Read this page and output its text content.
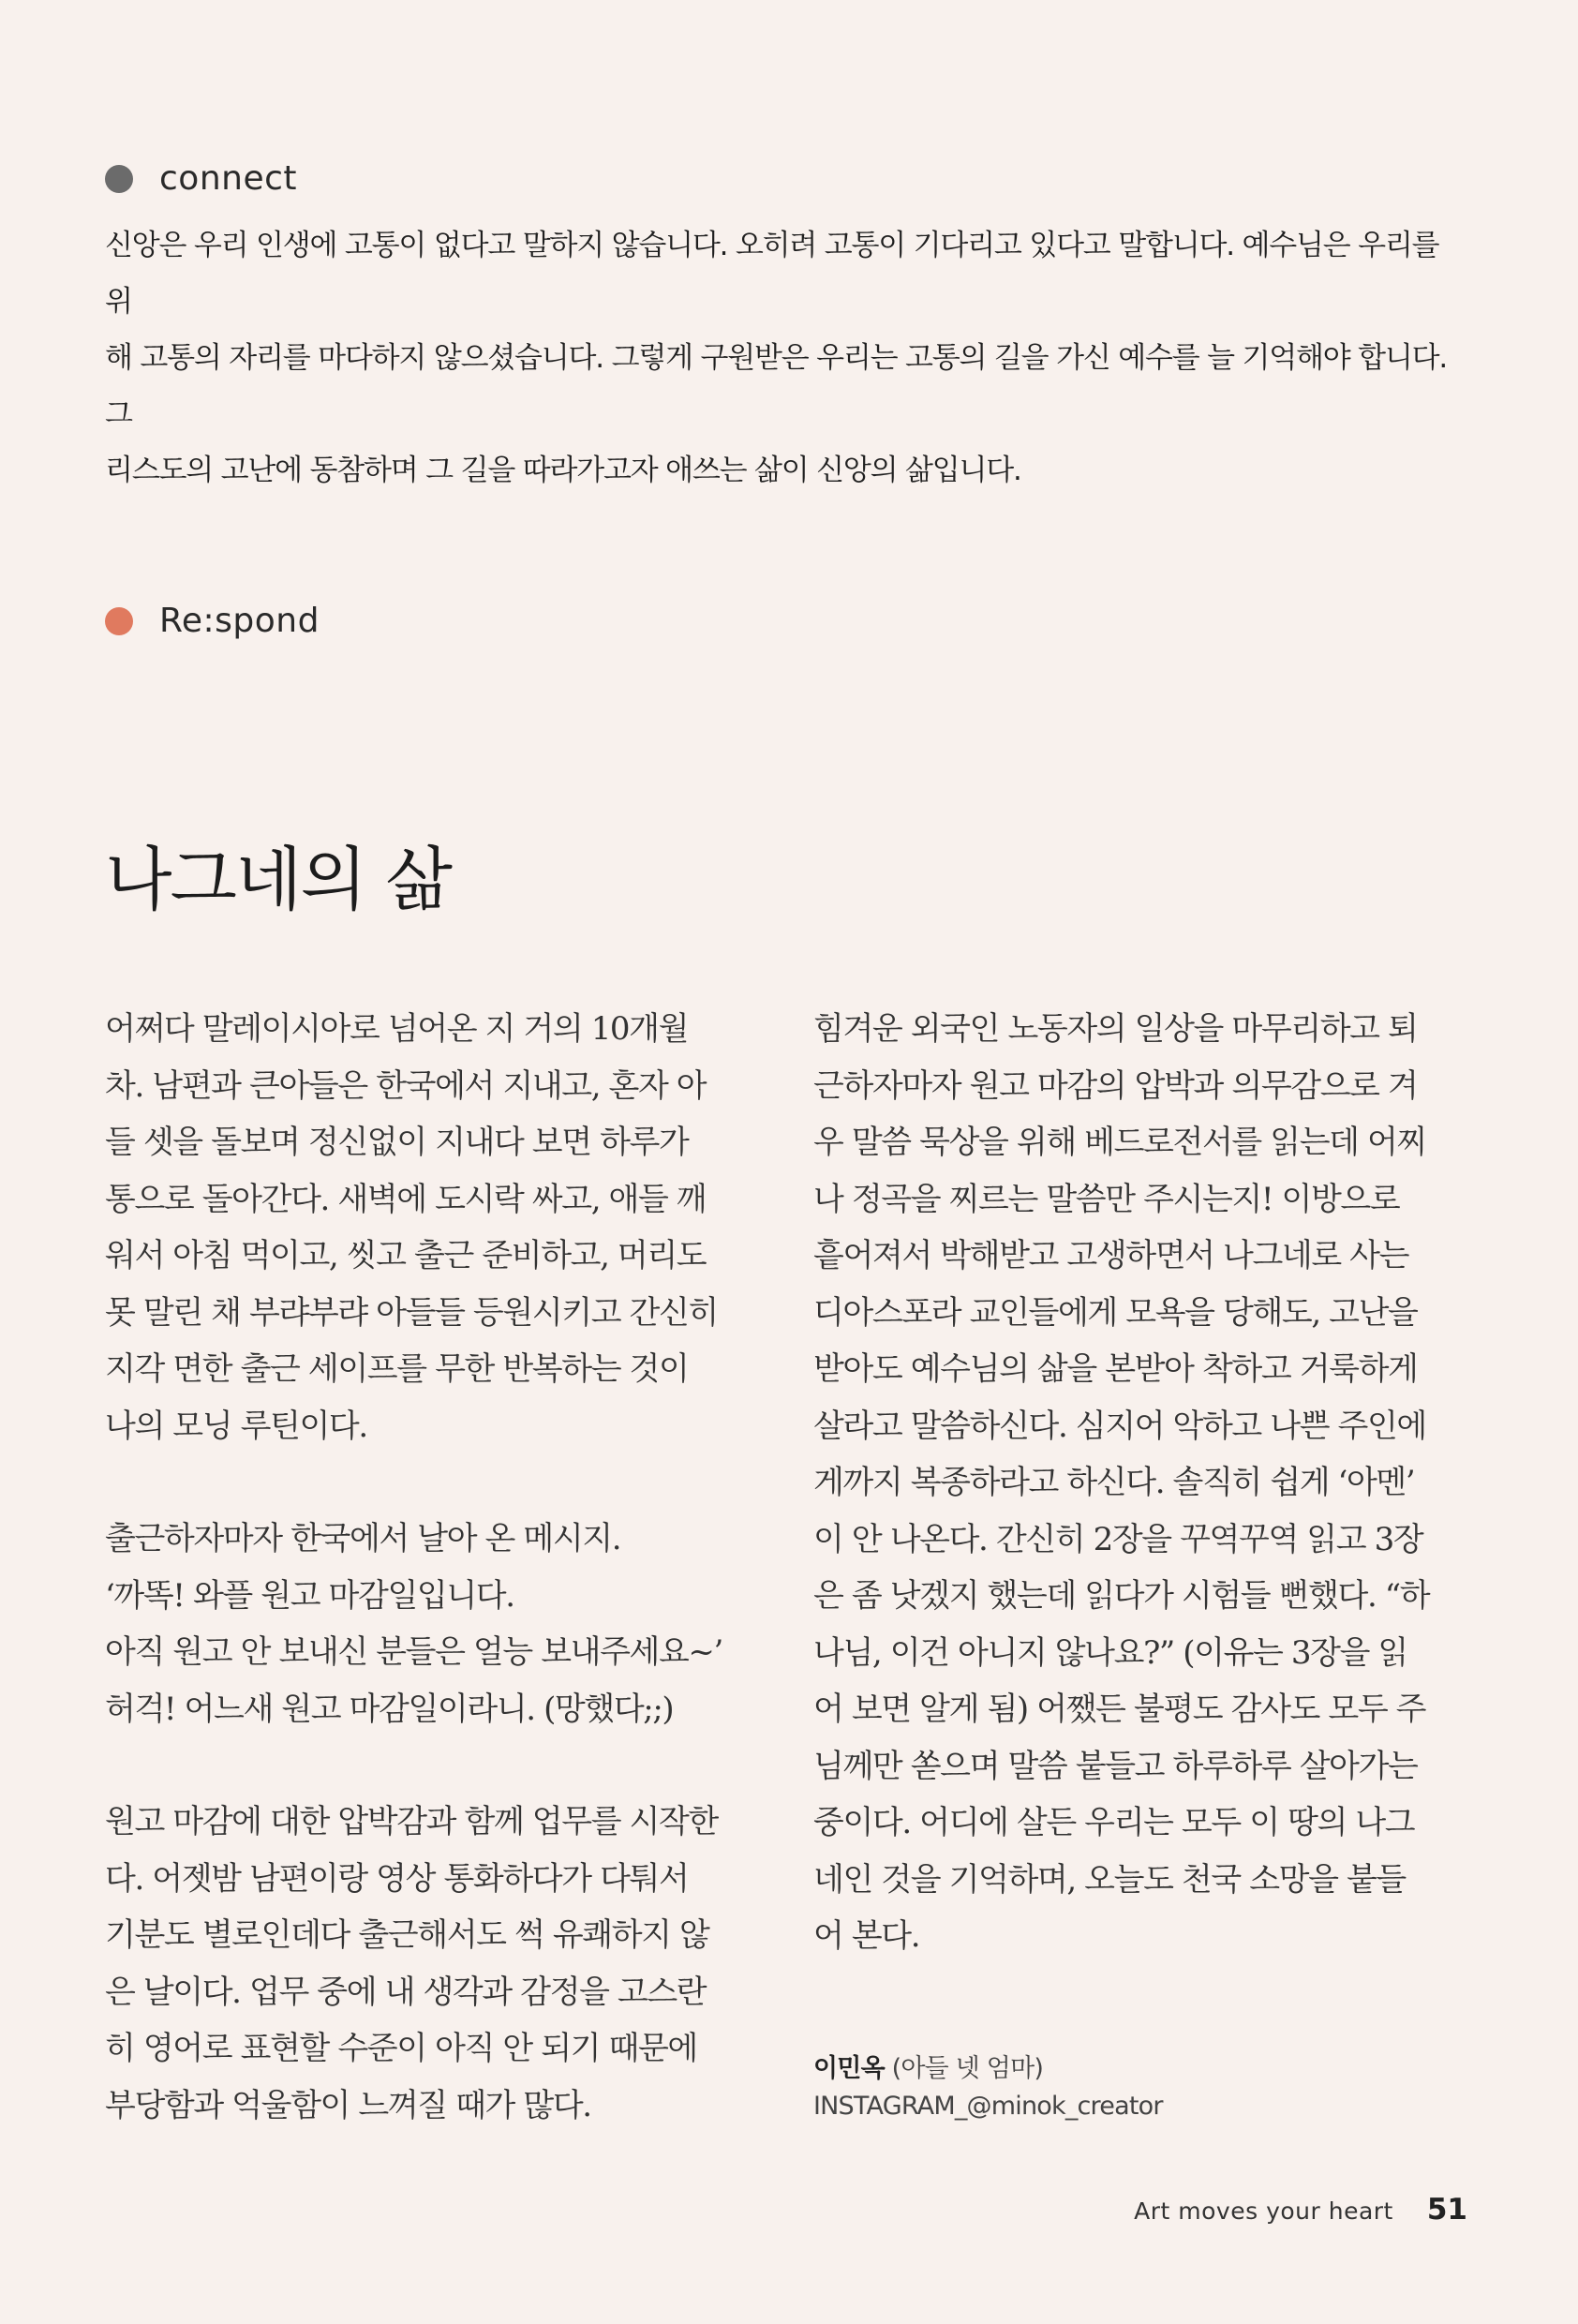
connect

신앙은 우리 인생에 고통이 없다고 말하지 않습니다. 오히려 고통이 기다리고 있다고 말합니다. 예수님은 우리를 위

해 고통의 자리를 마다하지 않으셨습니다. 그렇게 구원받은 우리는 고통의 길을 가신 예수를 늘 기억해야 합니다. 그

리스도의 고난에 동참하며 그 길을 따라가고자 애쓰는 삶이 신앙의 삶입니다.

Re:spond
나그네의 삶

어쩌다 말레이시아로 넘어온 지 거의 10개월

차. 남편과 큰아들은 한국에서 지내고, 혼자 아

들 셋을 돌보며 정신없이 지내다 보면 하루가

통으로 돌아간다. 새벽에 도시락 싸고, 애들 깨

워서 아침 먹이고, 씻고 출근 준비하고, 머리도

못 말린 채 부랴부랴 아들들 등원시키고 간신히

지각 면한 출근 세이프를 무한 반복하는 것이

나의 모닝 루틴이다.

출근하자마자 한국에서 날아 온 메시지.

‘까똑! 와플 원고 마감일입니다.

아직 원고 안 보내신 분들은 얼능 보내주세요~’

허걱! 어느새 원고 마감일이라니. (망했다;;)

원고 마감에 대한 압박감과 함께 업무를 시작한

다. 어젯밤 남편이랑 영상 통화하다가 다퉈서

기분도 별로인데다 출근해서도 썩 유쾌하지 않

은 날이다. 업무 중에 내 생각과 감정을 고스란

히 영어로 표현할 수준이 아직 안 되기 때문에

부당함과 억울함이 느껴질 때가 많다.

힘겨운 외국인 노동자의 일상을 마무리하고 퇴

근하자마자 원고 마감의 압박과 의무감으로 겨

우 말씀 묵상을 위해 베드로전서를 읽는데 어찌

나 정곡을 찌르는 말씀만 주시는지! 이방으로

흩어져서 박해받고 고생하면서 나그네로 사는

디아스포라 교인들에게 모욕을 당해도, 고난을

받아도 예수님의 삶을 본받아 착하고 거룩하게

살라고 말씀하신다. 심지어 악하고 나쁜 주인에

게까지 복종하라고 하신다. 솔직히 쉽게 ‘아멘’

이 안 나온다. 간신히 2장을 꾸역꾸역 읽고 3장

은 좀 낫겠지 했는데 읽다가 시험들 뻔했다. “하

나님, 이건 아니지 않나요?” (이유는 3장을 읽

어 보면 알게 됨) 어쨌든 불평도 감사도 모두 주

님께만 쏟으며 말씀 붙들고 하루하루 살아가는

중이다. 어디에 살든 우리는 모두 이 땅의 나그

네인 것을 기억하며, 오늘도 천국 소망을 붙들

어 본다.

이민옥 (아들 넷 엄마)
INSTAGRAM_@minok_creator
Art moves your heart 51
